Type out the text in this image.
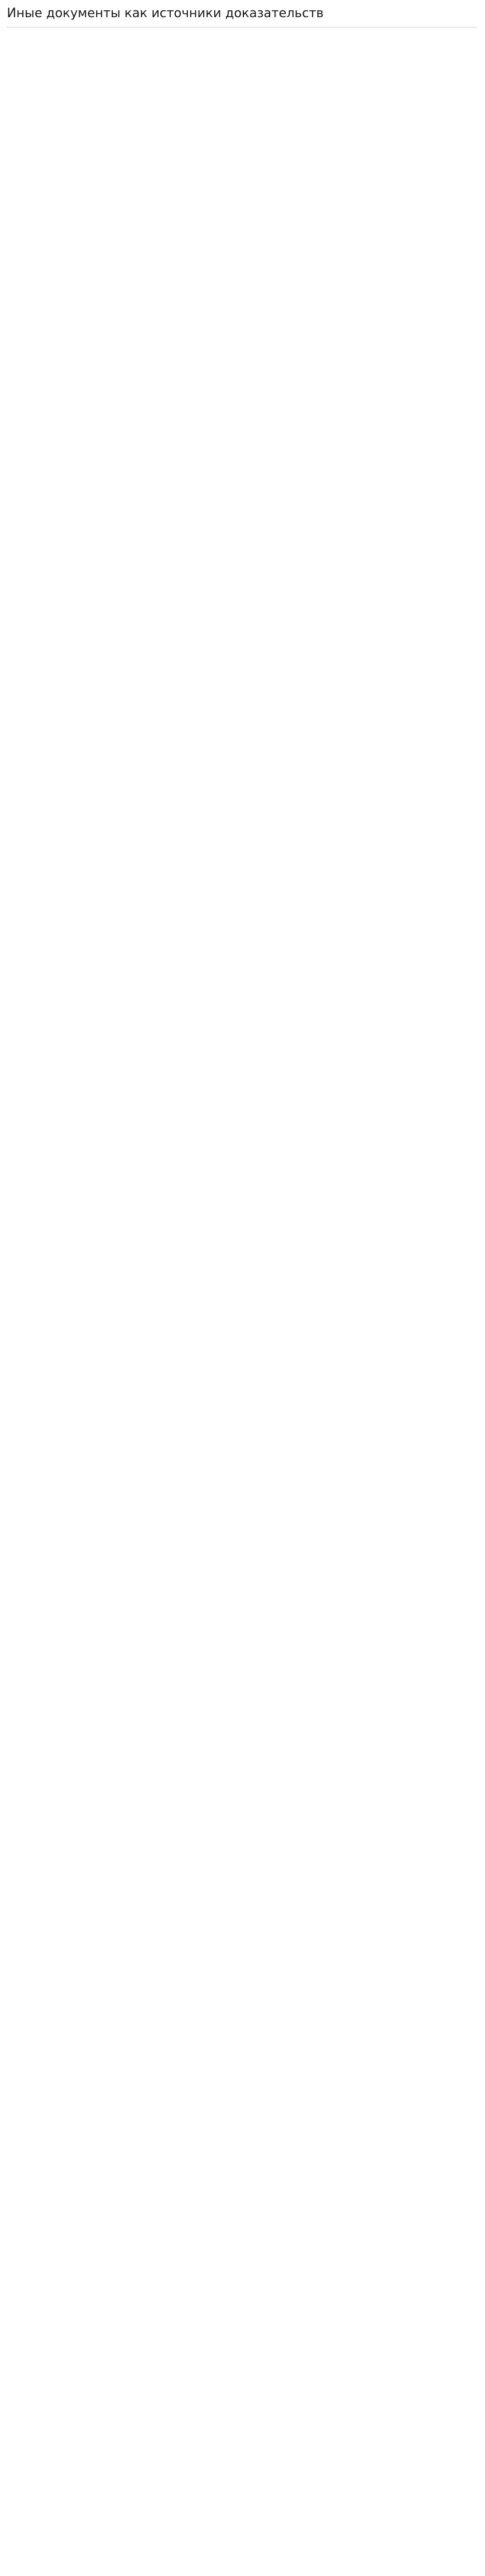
Иные документы как источники доказательств
